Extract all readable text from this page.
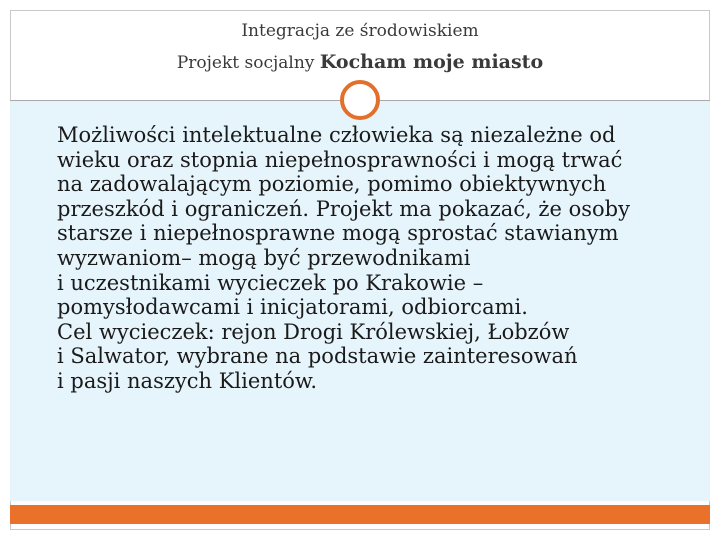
Możliwości intelektualne człowieka są niezależne od
wieku oraz stopnia niepełnosprawności i mogą trwać
na zadowalającym poziomie, pomimo obiektywnych
przeszkód i ograniczeń. Projekt ma pokazać, że osoby
starsze i niepełnosprawne mogą sprostać stawianym
wyzwaniom– mogą być przewodnikami
i uczestnikami wycieczek po Krakowie –
pomysłodawcami i inicjatorami, odbiorcami.
Cel wycieczek: rejon Drogi Królewskiej, Łobzów
i Salwator, wybrane na podstawie zainteresowań
i pasji naszych Klientów.
Integracja ze środowiskiem
Projekt socjalny Kocham moje miasto
